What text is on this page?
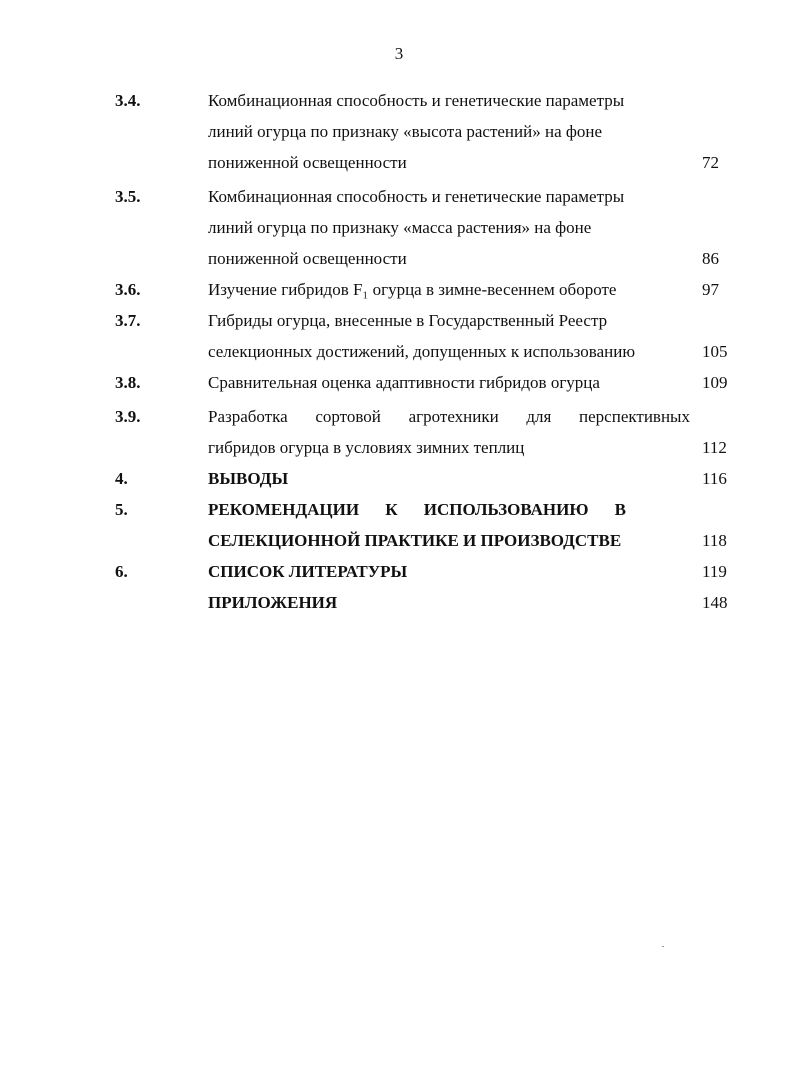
3
3.4.	Комбинационная способность и генетические параметры
линий огурца по признаку «высота растений» на фоне
пониженной освещенности	72
3.5.	Комбинационная способность и генетические параметры
линий огурца по признаку «масса растения» на фоне
пониженной освещенности	86
3.6.	Изучение гибридов F₁ огурца в зимне-весеннем обороте	97
3.7.	Гибриды огурца, внесенные в Государственный Реестр
селекционных достижений, допущенных к использованию	105
3.8.	Сравнительная оценка адаптивности гибридов огурца	109
3.9.	Разработка сортовой агротехники для перспективных
гибридов огурца в условиях зимних теплиц	112
4.	ВЫВОДЫ	116
5.	РЕКОМЕНДАЦИИ К ИСПОЛЬЗОВАНИЮ В
СЕЛЕКЦИОННОЙ ПРАКТИКЕ И ПРОИЗВОДСТВЕ	118
6.	СПИСОК ЛИТЕРАТУРЫ	119
ПРИЛОЖЕНИЯ	148
